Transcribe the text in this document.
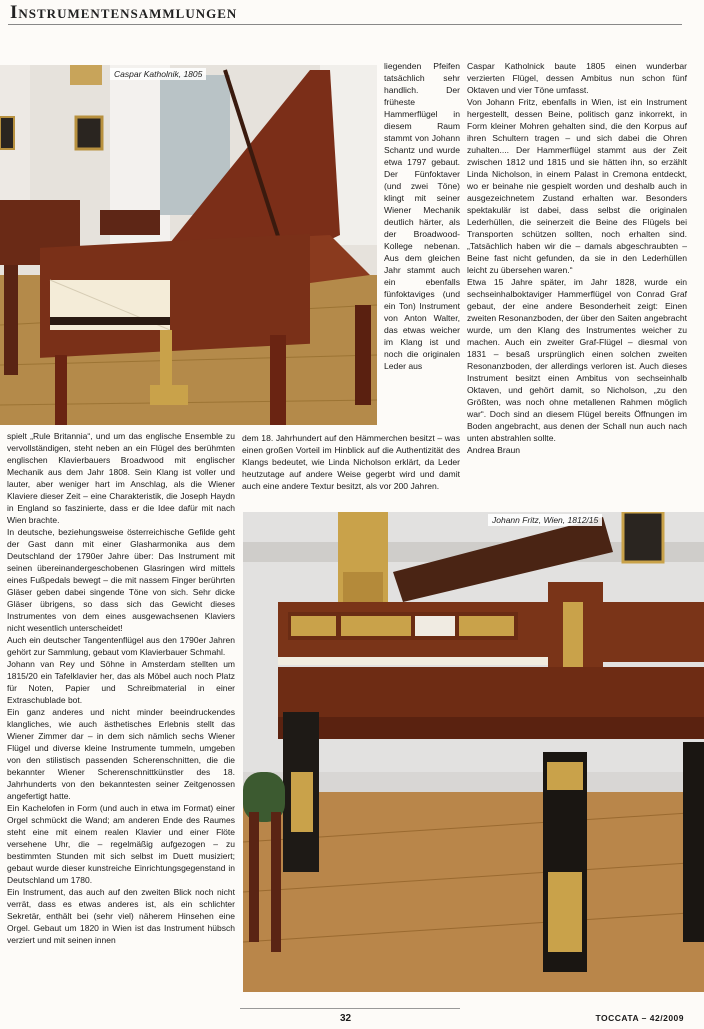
Instrumentensammlungen
Caspar Katholnik, 1805

liegenden Pfeifen tatsächlich sehr handlich. Der früheste Hammerflügel in diesem Raum stammt von Johann Schantz und wurde etwa 1797 gebaut. Der Fünfoktaver (und zwei Töne) klingt mit seiner Wiener Mechanik deutlich härter, als der Broadwood-Kollege nebenan. Aus dem gleichen Jahr stammt auch ein ebenfalls fünfoktaviges (und ein Ton) Instrument von Anton Walter, das etwas weicher im Klang ist und noch die originalen Leder aus

dem 18. Jahrhundert auf den Hämmerchen besitzt – was einen großen Vorteil im Hinblick auf die Authentizität des Klangs bedeutet, wie Linda Nicholson erklärt, da Leder heutzutage auf andere Weise gegerbt wird und damit auch eine andere Textur besitzt, als vor 200 Jahren.

Caspar Katholnick baute 1805 einen wunderbar verzierten Flügel, dessen Ambitus nun schon fünf Oktaven und vier Töne umfasst.

Von Johann Fritz, ebenfalls in Wien, ist ein Instrument hergestellt, dessen Beine, politisch ganz inkorrekt, in Form kleiner Mohren gehalten sind, die den Korpus auf ihren Schultern tragen – und sich dabei die Ohren zuhalten.... Der Hammerflügel stammt aus der Zeit zwischen 1812 und 1815 und sie hätten ihn, so erzählt Linda Nicholson, in einem Palast in Cremona entdeckt, wo er beinahe nie gespielt worden und deshalb auch in ausgezeichnetem Zustand erhalten war. Besonders spektakulär ist dabei, dass selbst die originalen Lederhüllen, die seinerzeit die Beine des Flügels bei Transporten schützen sollten, noch erhalten sind. „Tatsächlich haben wir die – damals abgeschraubten – Beine fast nicht gefunden, da sie in den Lederhüllen leicht zu übersehen waren.“

Etwa 15 Jahre später, im Jahr 1828, wurde ein sechseinhalboktaviger Hammerflügel von Conrad Graf gebaut, der eine andere Besonderheit zeigt: Einen zweiten Resonanzboden, der über den Saiten angebracht wurde, um den Klang des Instrumentes weicher zu machen. Auch ein zweiter Graf-Flügel – diesmal von 1831 – besaß ursprünglich einen solchen zweiten Resonanzboden, der allerdings verloren ist. Auch dieses Instrument besitzt einen Ambitus von sechseinhalb Oktaven, und gehört damit, so Nicholson, „zu den Größten, was noch ohne metallenen Rahmen möglich war“. Doch sind an diesem Flügel bereits Öffnungen im Boden angebracht, aus denen der Schall nun auch nach unten abstrahlen sollte.

Andrea Braun

spielt „Rule Britannia“, und um das englische Ensemble zu vervollständigen, steht neben an ein Flügel des berühmten englischen Klavierbauers Broadwood mit englischer Mechanik aus dem Jahr 1808. Sein Klang ist voller und lauter, aber weniger hart im Anschlag, als die Wiener Klaviere dieser Zeit – eine Charakteristik, die Joseph Haydn in England so faszinierte, dass er die Idee dafür mit nach Wien brachte.

In deutsche, beziehungsweise österreichische Gefilde geht der Gast dann mit einer Glasharmonika aus dem Deutschland der 1790er Jahre über: Das Instrument mit seinen übereinandergeschobenen Glasringen wird mittels eines Fußpedals bewegt – die mit nassem Finger berührten Gläser geben dabei singende Töne von sich. Sehr dicke Gläser übrigens, so dass sich das Gewicht dieses Instrumentes von dem eines ausgewachsenen Klaviers nicht wesentlich unterscheidet!

Auch ein deutscher Tangentenflügel aus den 1790er Jahren gehört zur Sammlung, gebaut vom Klavierbauer Schmahl.

Johann van Rey und Söhne in Amsterdam stellten um 1815/20 ein Tafelklavier her, das als Möbel auch noch Platz für Noten, Papier und Schreibmaterial in einer Extraschublade bot.

Ein ganz anderes und nicht minder beeindruckendes klangliches, wie auch ästhetisches Erlebnis stellt das Wiener Zimmer dar – in dem sich nämlich sechs Wiener Flügel und diverse kleine Instrumente tummeln, umgeben von den stilistisch passenden Scherenschnitten, die die bekannter Wiener Scherenschnittkünstler des 18. Jahrhunderts von den bekanntesten seiner Zeitgenossen angefertigt hatte.

Ein Kachelofen in Form (und auch in etwa im Format) einer Orgel schmückt die Wand; am anderen Ende des Raumes steht eine mit einem realen Klavier und einer Flöte versehene Uhr, die – regelmäßig aufgezogen – zu bestimmten Stunden mit sich selbst im Duett musiziert; gebaut wurde dieser kunstreiche Einrichtungsgegenstand in Deutschland um 1780.

Ein Instrument, das auch auf den zweiten Blick noch nicht verrät, dass es etwas anderes ist, als ein schlichter Sekretär, enthält bei (sehr viel) näherem Hinsehen eine Orgel. Gebaut um 1820 in Wien ist das Instrument hübsch verziert und mit seinen innen

Johann Fritz, Wien, 1812/15
32	TOCCATA – 42/2009
